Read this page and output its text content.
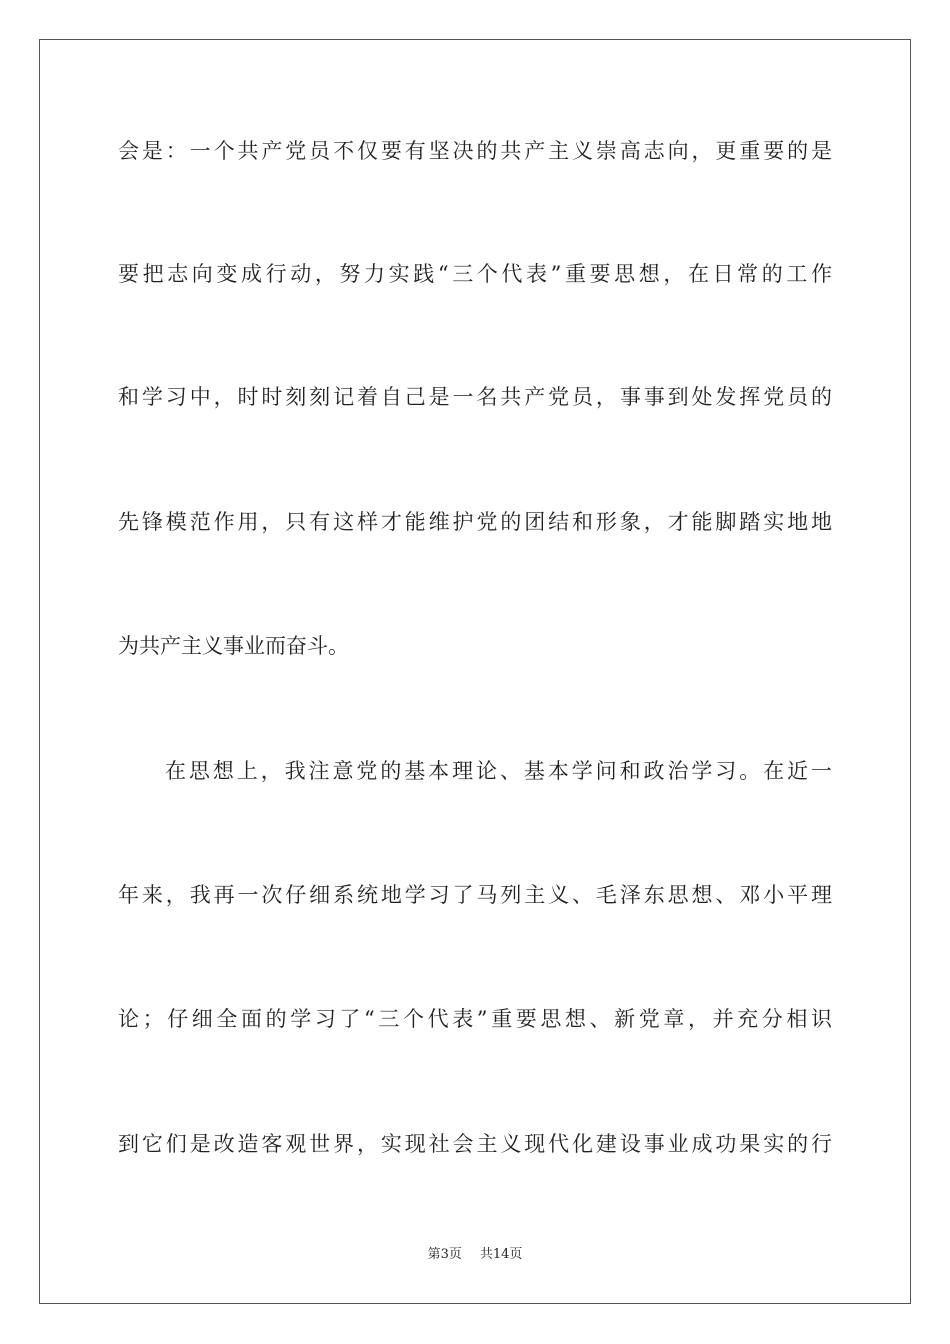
会是：一个共产党员不仅要有坚决的共产主义崇高志向，更重要的是
要把志向变成行动，努力实践“三个代表”重要思想，在日常的工作
和学习中，时时刻刻记着自己是一名共产党员，事事到处发挥党员的
先锋模范作用，只有这样才能维护党的团结和形象，才能脚踏实地地
为共产主义事业而奋斗。
在思想上，我注意党的基本理论、基本学问和政治学习。在近一
年来，我再一次仔细系统地学习了马列主义、毛泽东思想、邓小平理
论；仔细全面的学习了“三个代表”重要思想、新党章，并充分相识
到它们是改造客观世界，实现社会主义现代化建设事业成功果实的行
第3页 共14页
